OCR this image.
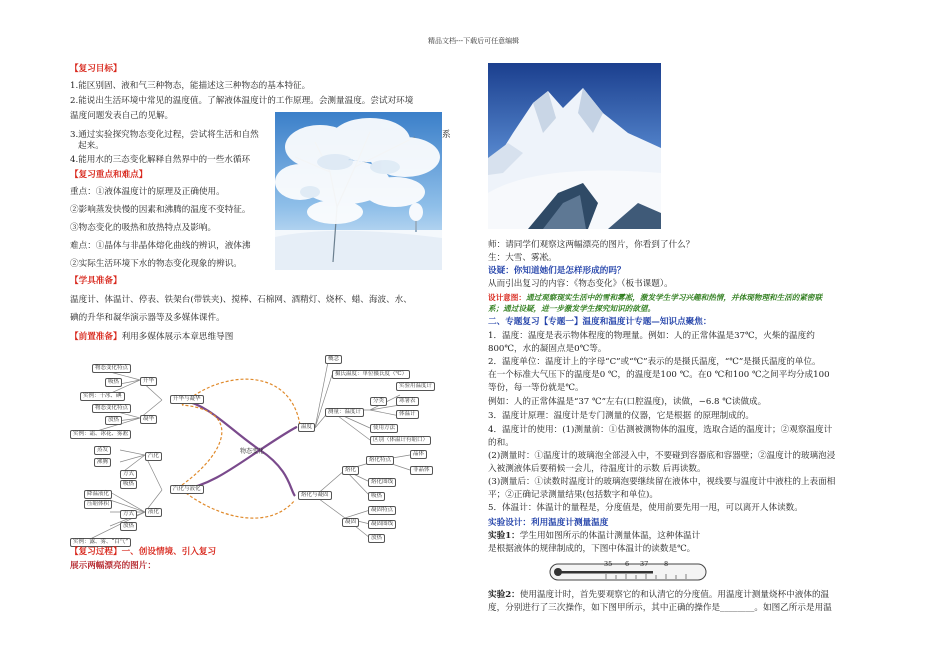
精品文档---下载后可任意编辑
【复习目标】
1.能区别固、液和气三种物态，能描述这三种物态的基本特征。
2.能说出生活环境中常见的温度值。了解液体温度计的工作原理。会测量温度。尝试对环境
温度问题发表自己的见解。
3.通过实验探究物态变化过程，尝试将生活和自然	系
起来。
4.能用水的三态变化解释自然界中的一些水循环
【复习重点和难点】
重点：①液体温度计的原理及正确使用。
②影响蒸发快慢的因素和沸腾的温度不变特征。
③物态变化的吸热和放热特点及影响。
难点：①晶体与非晶体熔化曲线的辨识，液体沸
②实际生活环境下水的物态变化现象的辨识。
【学具准备】
温度计、体温计、停表、铁架台(带铁夹)、搅棒、石棉网、酒精灯、烧杯、蜡、海波、水、
碘的升华和凝华演示器等及多媒体课件。
【前置准备】利用多媒体展示本章思维导图
物态变化
升华与凝华
温度
汽化与液化
熔化与凝固
物态变化特点
吸热	升华
实例：干冰、碘
物态变化特点
放热	凝华
实例：霜、冰花、雾凇
蒸发
沸腾
汽化
方式
吸热
降温液化
压缩体积
方式	液化
放热
实例：露、雾、“白气”
概念
摄氏温度：单位摄氏度（℃）
实验用温度计
寒暑表
体温计
分类
测量：温度计
使用方法
区别（体温计有缩口）
熔化特点
晶体
非晶体
熔化
熔化图线
吸热
凝固特点
凝固	凝固图线
放热
【复习过程】一、创设情境、引入复习
展示两幅漂亮的图片：
师：请同学们观察这两幅漂亮的图片，你看到了什么？
生：大雪、雾凇。
设疑：你知道她们是怎样形成的吗？
从而引出复习的内容：《物态变化》（板书课题）。
设计意图：通过观察现实生活中的雪和雾凇，激发学生学习兴趣和热情，并体现物理和生活的紧密联
系；通过设疑，进一步激发学生探究知识的欲望。
二、专题复习【专题一】温度和温度计专题—知识点聚焦：
1．温度：温度是表示物体程度的物理量。例如：人的正常体温是37℃，火柴的温度约
800℃，水的凝固点是0℃等。
2．温度单位：温度计上的字母“C”或“℃”表示的是摄氏温度，“℃”是摄氏温度的单位。
在一个标准大气压下的温度是0 ℃，的温度是100 ℃。在0 ℃和100 ℃之间平均分成100
等份，每一等份就是℃。
例如：人的正常体温是“37 ℃”左右(口腔温度)，读做，−6.8 ℃读做成。
3．温度计原理：温度计是专门测量的仪器，它是根据 的原理制成的。
4．温度计的使用：(1)测量前：①估测被测物体的温度，选取合适的温度计；②观察温度计
的和。
(2)测量时：①温度计的玻璃泡全部浸入中，不要碰到容器底和容器壁；②温度计的玻璃泡浸
入被测液体后要稍候一会儿，待温度计的示数 后再读数。
(3)测量后：①读数时温度计的玻璃泡要继续留在液体中，视线要与温度计中液柱的上表面相
平；②正确记录测量结果(包括数字和单位)。
5．体温计：体温计的量程是，分度值是，使用前要先用一甩，可以离开人体读数。
实验设计：利用温度计测量温度
实验1：学生用如图所示的体温计测量体温，这种体温计
是根据液体的规律制成的，下图中体温计的读数是℃。
35 6 37 8
实验2：使用温度计时，首先要观察它的和认清它的分度值。用温度计测量烧杯中液体的温
度，分别进行了三次操作，如下图甲所示，其中正确的操作是________。如图乙所示是用温
